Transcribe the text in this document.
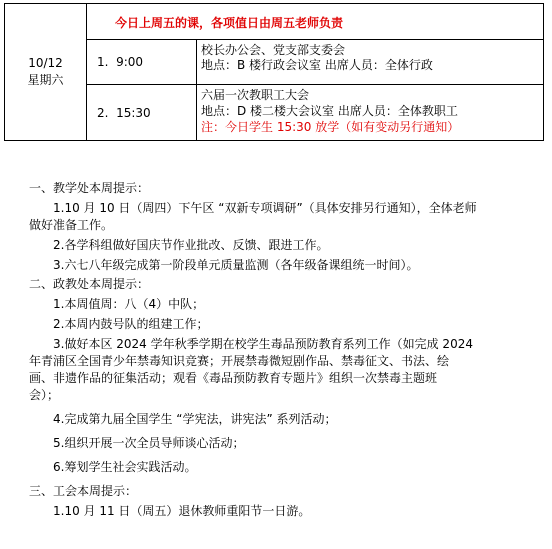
10/12
星期六
今日上周五的课，各项值日由周五老师负责
1.
9:00
校长办公会、党支部支委会
地点：B 楼行政会议室 出席人员：全体行政
2.
15:30
六届一次教职工大会
地点：D 楼二楼大会议室 出席人员：全体教职工
注：今日学生 15:30 放学（如有变动另行通知）

一、教学处本周提示：

1.10 月 10 日（周四）下午区 “双新专项调研”（具体安排另行通知），全体老师

做好准备工作。

2.各学科组做好国庆节作业批改、反馈、跟进工作。

3.六七八年级完成第一阶段单元质量监测（各年级备课组统一时间）。

二、政教处本周提示：

1.本周值周：八（4）中队；

2.本周内鼓号队的组建工作；

3.做好本区 2024 学年秋季学期在校学生毒品预防教育系列工作（如完成 2024

年青浦区全国青少年禁毒知识竞赛；开展禁毒微短剧作品、禁毒征文、书法、绘

画、非遗作品的征集活动；观看《毒品预防教育专题片》组织一次禁毒主题班

会）；

4.完成第九届全国学生 “学宪法，讲宪法” 系列活动；

5.组织开展一次全员导师谈心活动；

6.筹划学生社会实践活动。

三、工会本周提示：

1.10 月 11 日（周五）退休教师重阳节一日游。
